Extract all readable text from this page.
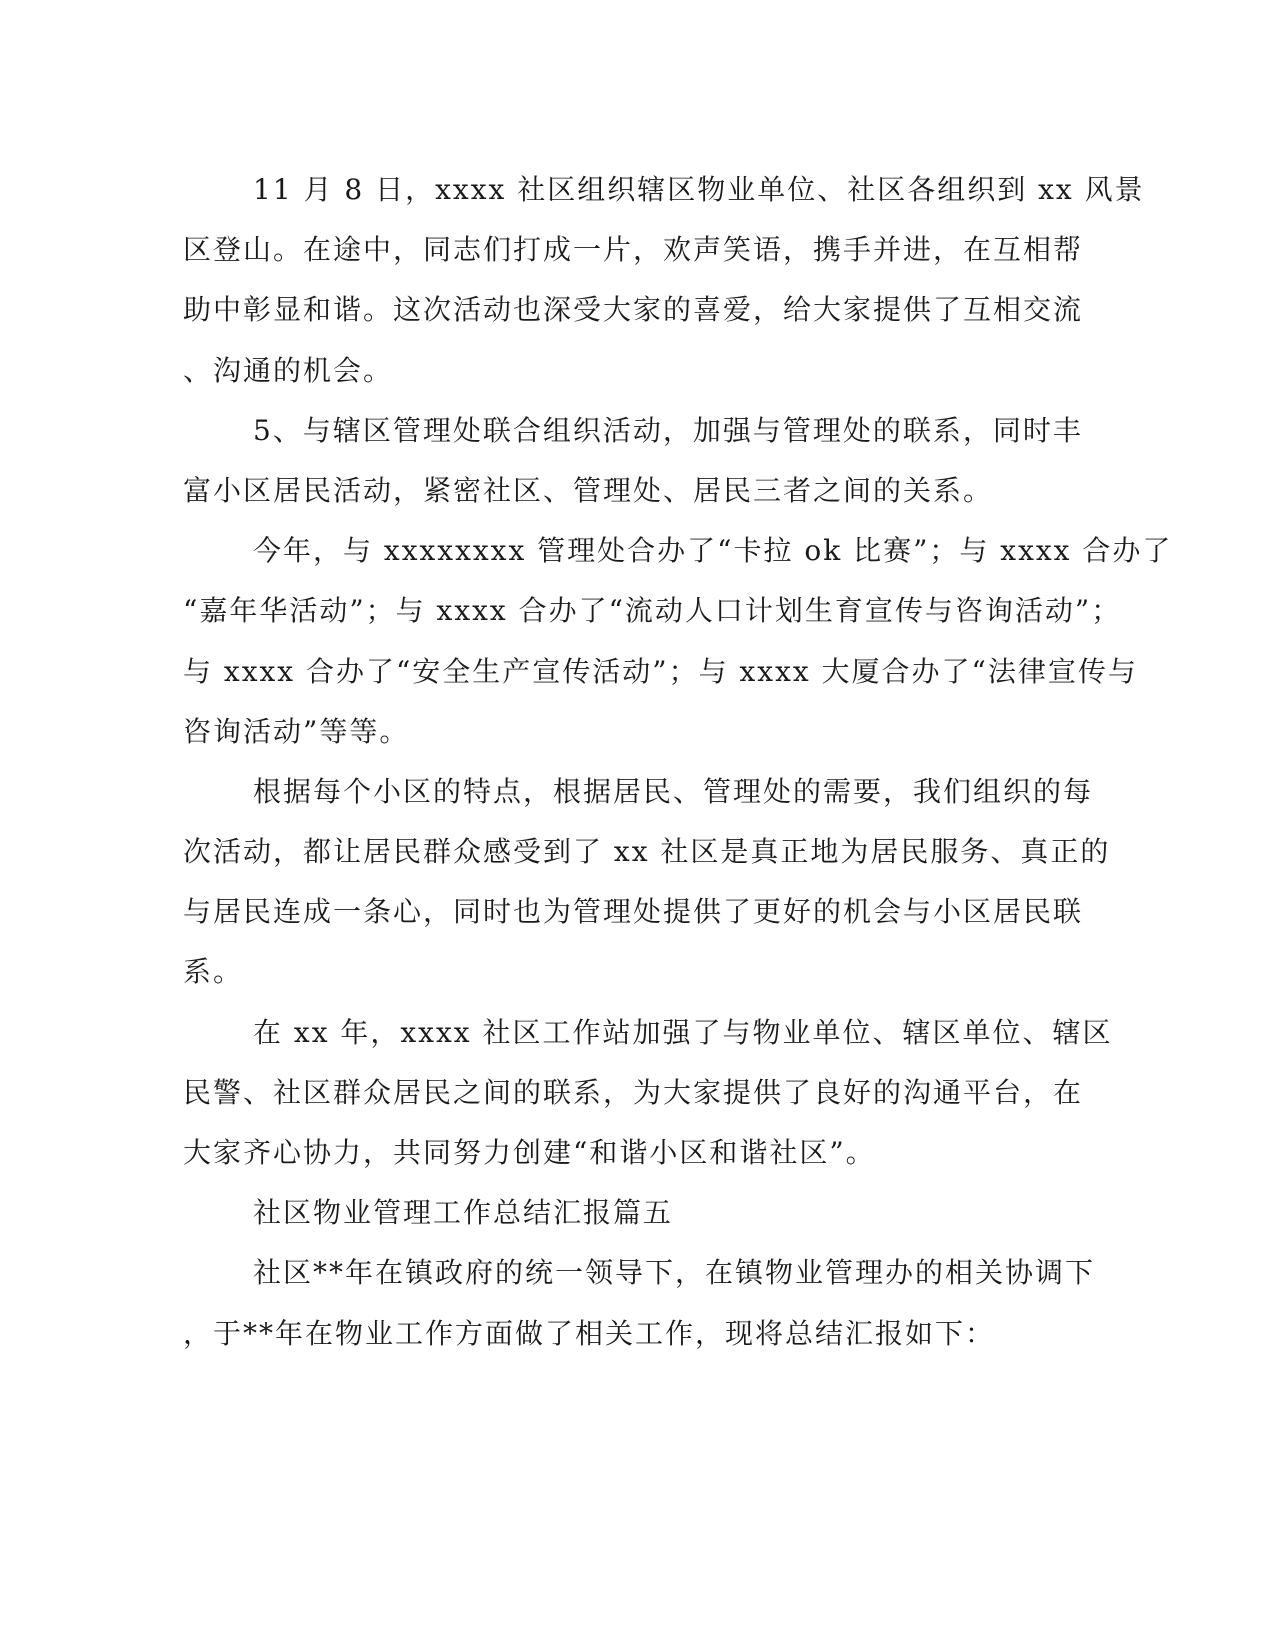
11 月 8 日，xxxx 社区组织辖区物业单位、社区各组织到 xx 风景
区登山。在途中，同志们打成一片，欢声笑语，携手并进，在互相帮
助中彰显和谐。这次活动也深受大家的喜爱，给大家提供了互相交流
、沟通的机会。
5、与辖区管理处联合组织活动，加强与管理处的联系，同时丰
富小区居民活动，紧密社区、管理处、居民三者之间的关系。
今年，与 xxxxxxxx 管理处合办了“卡拉 ok 比赛”；与 xxxx 合办了
“嘉年华活动”；与 xxxx 合办了“流动人口计划生育宣传与咨询活动”；
与 xxxx 合办了“安全生产宣传活动”；与 xxxx 大厦合办了“法律宣传与
咨询活动”等等。
根据每个小区的特点，根据居民、管理处的需要，我们组织的每
次活动，都让居民群众感受到了 xx 社区是真正地为居民服务、真正的
与居民连成一条心，同时也为管理处提供了更好的机会与小区居民联
系。
在 xx 年，xxxx 社区工作站加强了与物业单位、辖区单位、辖区
民警、社区群众居民之间的联系，为大家提供了良好的沟通平台，在
大家齐心协力，共同努力创建“和谐小区和谐社区”。
社区物业管理工作总结汇报篇五
社区**年在镇政府的统一领导下，在镇物业管理办的相关协调下
，于**年在物业工作方面做了相关工作，现将总结汇报如下：
